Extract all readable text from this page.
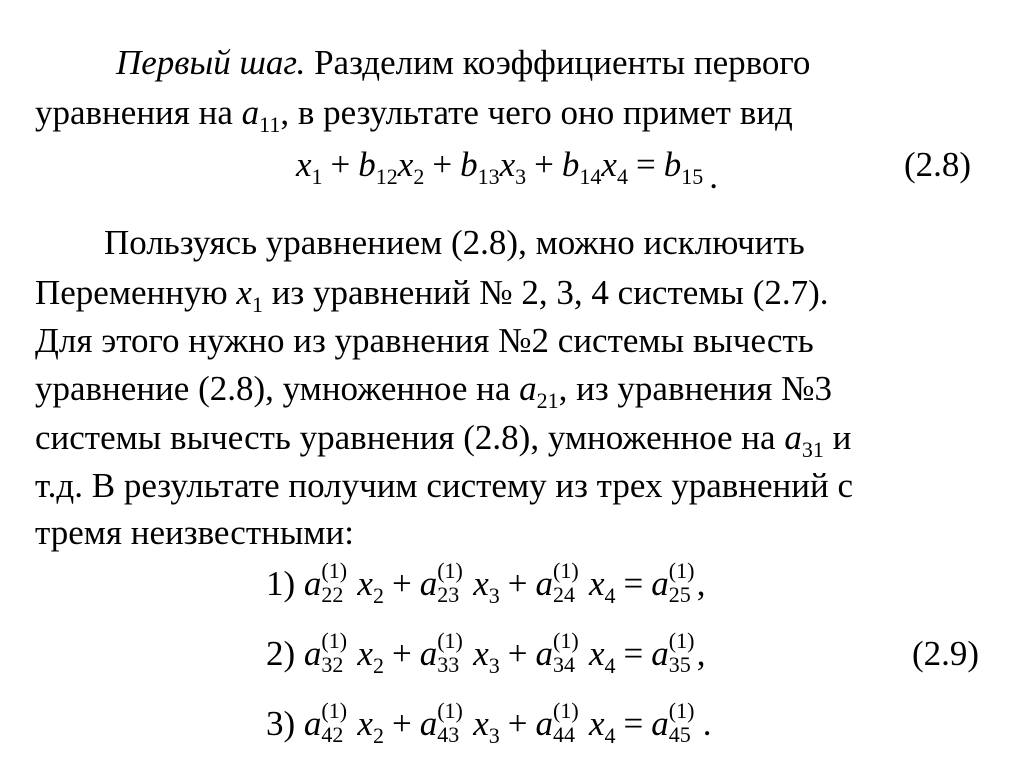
Первый шаг. Разделим коэффициенты первого
уравнения на $a_{11}$, в результате чего оно примет вид
$x_1 + b_{12}x_2 + b_{13}x_3 + b_{14}x_4 = b_{15}$ .	(2.8)
Пользуясь уравнением (2.8), можно исключить
Переменную $x_1$ из уравнений № 2, 3, 4 системы (2.7).
Для этого нужно из уравнения №2 системы вычесть
уравнение (2.8), умноженное на $a_{21}$, из уравнения №3
системы вычесть уравнения (2.8), умноженное на $a_{31}$ и
т.д. В результате получим систему из трех уравнений с
тремя неизвестными:
1) a (1)
22 $x_2 + a$ (1)
23 $x_3 + a$ (1)
24 $x_4 = a$ (1)
25 ,
2) a (1)
32 $x_2 + a$ (1)
33 $x_3 + a$ (1)
34 $x_4 = a$ (1)
35 ,	(2.9)
3) a (1)
42 $x_2 + a$ (1)
43 $x_3 + a$ (1)
44 $x_4 = a$ (1)
45 .
